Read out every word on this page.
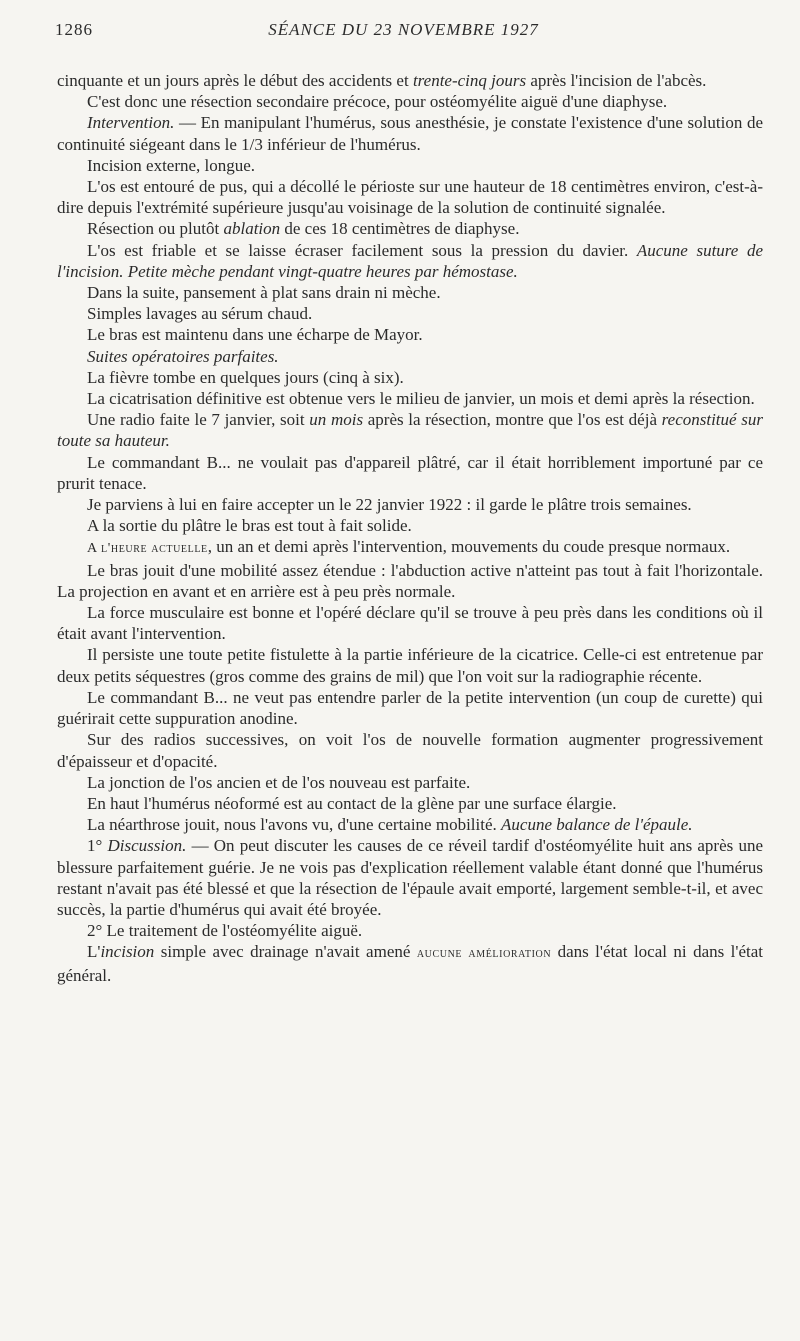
1286	SÉANCE DU 23 NOVEMBRE 1927

cinquante et un jours après le début des accidents et trente-cinq jours après l'incision de l'abcès.

C'est donc une résection secondaire précoce, pour ostéomyélite aiguë d'une diaphyse.

Intervention. — En manipulant l'humérus, sous anesthésie, je constate l'existence d'une solution de continuité siégeant dans le 1/3 inférieur de l'humérus.

Incision externe, longue.

L'os est entouré de pus, qui a décollé le périoste sur une hauteur de 18 centimètres environ, c'est-à-dire depuis l'extrémité supérieure jusqu'au voisinage de la solution de continuité signalée.

Résection ou plutôt ablation de ces 18 centimètres de diaphyse.

L'os est friable et se laisse écraser facilement sous la pression du davier. Aucune suture de l'incision. Petite mèche pendant vingt-quatre heures par hémostase.

Dans la suite, pansement à plat sans drain ni mèche.

Simples lavages au sérum chaud.

Le bras est maintenu dans une écharpe de Mayor.

Suites opératoires parfaites.

La fièvre tombe en quelques jours (cinq à six).

La cicatrisation définitive est obtenue vers le milieu de janvier, un mois et demi après la résection.

Une radio faite le 7 janvier, soit un mois après la résection, montre que l'os est déjà reconstitué sur toute sa hauteur.

Le commandant B... ne voulait pas d'appareil plâtré, car il était horriblement importuné par ce prurit tenace.

Je parviens à lui en faire accepter un le 22 janvier 1922 : il garde le plâtre trois semaines.

A la sortie du plâtre le bras est tout à fait solide.

A l'heure actuelle, un an et demi après l'intervention, mouvements du coude presque normaux.

Le bras jouit d'une mobilité assez étendue : l'abduction active n'atteint pas tout à fait l'horizontale. La projection en avant et en arrière est à peu près normale.

La force musculaire est bonne et l'opéré déclare qu'il se trouve à peu près dans les conditions où il était avant l'intervention.

Il persiste une toute petite fistulette à la partie inférieure de la cicatrice. Celle-ci est entretenue par deux petits séquestres (gros comme des grains de mil) que l'on voit sur la radiographie récente.

Le commandant B... ne veut pas entendre parler de la petite intervention (un coup de curette) qui guérirait cette suppuration anodine.

Sur des radios successives, on voit l'os de nouvelle formation augmenter progressivement d'épaisseur et d'opacité.

La jonction de l'os ancien et de l'os nouveau est parfaite.

En haut l'humérus néoformé est au contact de la glène par une surface élargie.

La néarthrose jouit, nous l'avons vu, d'une certaine mobilité. Aucune balance de l'épaule.

1° Discussion. — On peut discuter les causes de ce réveil tardif d'ostéomyélite huit ans après une blessure parfaitement guérie. Je ne vois pas d'explication réellement valable étant donné que l'humérus restant n'avait pas été blessé et que la résection de l'épaule avait emporté, largement semble-t-il, et avec succès, la partie d'humérus qui avait été broyée.

2° Le traitement de l'ostéomyélite aiguë.

L'incision simple avec drainage n'avait amené aucune amélioration dans l'état local ni dans l'état général.
